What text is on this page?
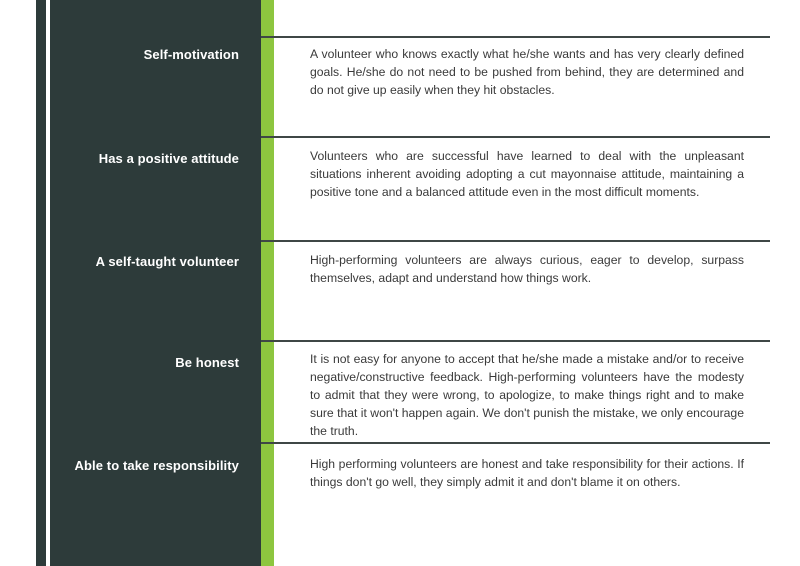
Self-motivation	A volunteer who knows exactly what he/she wants and has very clearly defined goals. He/she do not need to be pushed from behind, they are determined and do not give up easily when they hit obstacles.
Has a positive attitude	Volunteers who are successful have learned to deal with the unpleasant situations inherent avoiding adopting a cut mayonnaise attitude, maintaining a positive tone and a balanced attitude even in the most difficult moments.
A self-taught volunteer	High-performing volunteers are always curious, eager to develop, surpass themselves, adapt and understand how things work.
Be honest	It is not easy for anyone to accept that he/she made a mistake and/or to receive negative/constructive feedback. High-performing volunteers have the modesty to admit that they were wrong, to apologize, to make things right and to make sure that it won't happen again. We don't punish the mistake, we only encourage the truth.
Able to take responsibility	High performing volunteers are honest and take responsibility for their actions. If things don't go well, they simply admit it and don't blame it on others.
